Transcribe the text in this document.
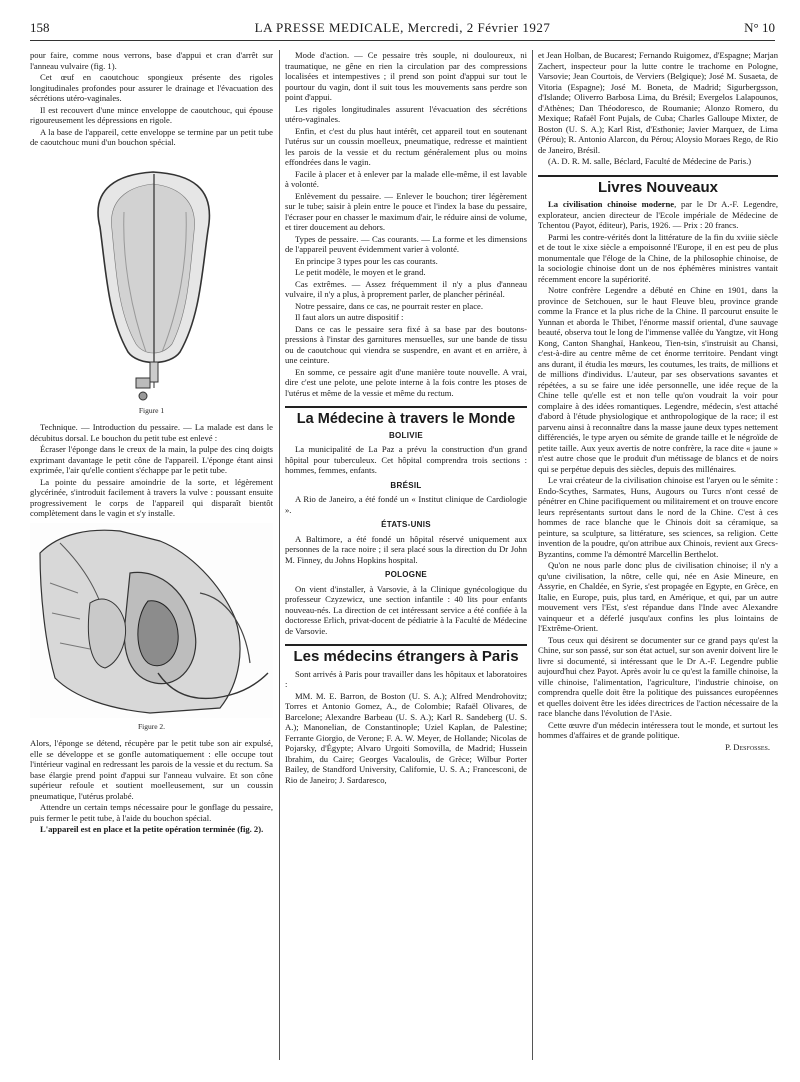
158	LA PRESSE MEDICALE, Mercredi, 2 Février 1927	N° 10

pour faire, comme nous verrons, base d'appui et cran d'arrêt sur l'anneau vulvaire (fig. 1).

Cet œuf en caoutchouc spongieux présente des rigoles longitudinales profondes pour assurer le drainage et l'évacuation des sécrétions utéro-vaginales.

Il est recouvert d'une mince enveloppe de caoutchouc, qui épouse rigoureusement les dépressions en rigole.

A la base de l'appareil, cette enveloppe se termine par un petit tube de caoutchouc muni d'un bouchon spécial.

Figure 1

Technique. — Introduction du pessaire. — La malade est dans le décubitus dorsal. Le bouchon du petit tube est enlevé :

Écraser l'éponge dans le creux de la main, la pulpe des cinq doigts exprimant davantage le petit cône de l'appareil. L'éponge étant ainsi exprimée, l'air qu'elle contient s'échappe par le petit tube.

La pointe du pessaire amoindrie de la sorte, et légèrement glycérinée, s'introduit facilement à travers la vulve : poussant ensuite progressivement le corps de l'appareil qui disparaît bientôt complètement dans le vagin et s'y installe.

Figure 2.

Alors, l'éponge se détend, récupère par le petit tube son air expulsé, elle se développe et se gonfle automatiquement : elle occupe tout l'intérieur vaginal en redressant les parois de la vessie et du rectum. Sa base élargie prend point d'appui sur l'anneau vulvaire. Et son cône supérieur refoule et soutient moelleusement, sur un coussin pneumatique, l'utérus prolabé.

Attendre un certain temps nécessaire pour le gonflage du pessaire, puis fermer le petit tube, à l'aide du bouchon spécial.

L'appareil est en place et la petite opération terminée (fig. 2).

Mode d'action. — Ce pessaire très souple, ni douloureux, ni traumatique, ne gêne en rien la circulation par des compressions localisées et intempestives ; il prend son point d'appui sur tout le pourtour du vagin, dont il suit tous les mouvements sans perdre son point d'appui.

Les rigoles longitudinales assurent l'évacuation des sécrétions utéro-vaginales.

Enfin, et c'est du plus haut intérêt, cet appareil tout en soutenant l'utérus sur un coussin moelleux, pneumatique, redresse et maintient les parois de la vessie et du rectum généralement plus ou moins effondrées dans le vagin.

Facile à placer et à enlever par la malade elle-même, il est lavable à volonté.

Enlèvement du pessaire. — Enlever le bouchon; tirer légèrement sur le tube; saisir à plein entre le pouce et l'index la base du pessaire, l'écraser pour en chasser le maximum d'air, le réduire ainsi de volume, et tirer doucement au dehors.

Types de pessaire. — Cas courants. — La forme et les dimensions de l'appareil peuvent évidemment varier à volonté.

En principe 3 types pour les cas courants.

Le petit modèle, le moyen et le grand.

Cas extrêmes. — Assez fréquemment il n'y a plus d'anneau vulvaire, il n'y a plus, à proprement parler, de plancher périnéal.

Notre pessaire, dans ce cas, ne pourrait rester en place.

Il faut alors un autre dispositif :

Dans ce cas le pessaire sera fixé à sa base par des boutons-pressions à l'instar des garnitures mensuelles, sur une bande de tissu ou de caoutchouc qui viendra se suspendre, en avant et en arrière, à une ceinture.

En somme, ce pessaire agit d'une manière toute nouvelle. A vrai, dire c'est une pelote, une pelote interne à la fois contre les ptoses de l'utérus et même de la vessie et même du rectum.

La Médecine à travers le Monde
BOLIVIE

La municipalité de La Paz a prévu la construction d'un grand hôpital pour tuberculeux. Cet hôpital comprendra trois sections : hommes, femmes, enfants.

BRÉSIL

A Rio de Janeiro, a été fondé un « Institut clinique de Cardiologie ».

ÉTATS-UNIS

A Baltimore, a été fondé un hôpital réservé uniquement aux personnes de la race noire ; il sera placé sous la direction du Dr John M. Finney, du Johns Hopkins hospital.

POLOGNE

On vient d'installer, à Varsovie, à la Clinique gynécologique du professeur Czyzewicz, une section infantile : 40 lits pour enfants nouveau-nés. La direction de cet intéressant service a été confiée à la doctoresse Erlich, privat-docent de pédiatrie à la Faculté de Médecine de Varsovie.

Les médecins étrangers à Paris

Sont arrivés à Paris pour travailler dans les hôpitaux et laboratoires :

MM. M. E. Barron, de Boston (U. S. A.); Alfred Mendrohovitz; Torres et Antonio Gomez, A., de Colombie; Rafaël Olivares, de Barcelone; Alexandre Barbeau (U. S. A.); Karl R. Sandeberg (U. S. A.); Manonelian, de Constantinople; Uziel Kaplan, de Palestine; Ferrante Giorgio, de Verone; F. A. W. Meyer, de Hollande; Nicolas de Pojarsky, d'Égypte; Alvaro Urgoiti Somovilla, de Madrid; Hussein Ibrahim, du Caire; Georges Vacaloulis, de Grèce; Wilbur Porter Bailey, de Standford University, Californie, U. S. A.; Francesconi, de Rio de Janeiro; J. Sardaresco,

et Jean Holban, de Bucarest; Fernando Ruigomez, d'Espagne; Marjan Zachert, inspecteur pour la lutte contre le trachome en Pologne, Varsovie; Jean Courtois, de Verviers (Belgique); José M. Susaeta, de Vitoria (Espagne); José M. Boneta, de Madrid; Sigurbergsson, d'Islande; Oliverro Barbosa Lima, du Brésil; Evergelos Lalapounos, d'Athènes; Dan Théodoresco, de Roumanie; Alonzo Romero, du Mexique; Rafaël Font Pujals, de Cuba; Charles Galloupe Mixter, de Boston (U. S. A.); Karl Rist, d'Esthonie; Javier Marquez, de Lima (Pérou); R. Antonio Alarcon, du Pérou; Aloysio Moraes Rego, de Rio de Janeiro, Brésil.

(A. D. R. M. salle, Béclard, Faculté de Médecine de Paris.)

Livres Nouveaux

La civilisation chinoise moderne, par le Dr A.-F. Legendre, explorateur, ancien directeur de l'Ecole impériale de Médecine de Tchentou (Payot, éditeur), Paris, 1926. — Prix : 20 francs.

Parmi les contre-vérités dont la littérature de la fin du xviiie siècle et de tout le xixe siècle a empoisonné l'Europe, il en est peu de plus monumentale que l'éloge de la Chine, de la philosophie chinoise, de la sociologie chinoise dont un de nos éphémères ministres vantait récemment encore la supériorité.

Notre confrère Legendre a débuté en Chine en 1901, dans la province de Setchouen, sur le haut Fleuve bleu, province grande comme la France et la plus riche de la Chine. Il parcourut ensuite le Yunnan et aborda le Thibet, l'énorme massif oriental, d'une sauvage beauté, observa tout le long de l'immense vallée du Yangtze, vit Hong Kong, Canton Shanghaï, Hankeou, Tien-tsin, s'instruisit au Chansi, c'est-à-dire au centre même de cet énorme territoire. Pendant vingt ans durant, il étudia les mœurs, les coutumes, les traits, de millions et de millions d'individus. L'auteur, par ses observations savantes et répétées, a su se faire une idée personnelle, une idée reçue de la Chine telle qu'elle est et non telle qu'on voudrait la voir pour complaire à des idées romantiques. Legendre, médecin, s'est attaché d'abord à l'étude physiologique et anthropologique de la race; il est parvenu ainsi à reconnaître dans la masse jaune deux types nettement différenciés, le type aryen ou sémite de grande taille et le négroïde de petite taille. Aux yeux avertis de notre confrère, la race dite « jaune » n'est autre chose que le produit d'un métissage de blancs et de noirs qui se perpétue depuis des siècles, depuis des millénaires.

Le vrai créateur de la civilisation chinoise est l'aryen ou le sémite : Endo-Scythes, Sarmates, Huns, Augours ou Turcs n'ont cessé de pénétrer en Chine pacifiquement ou militairement et on trouve encore leurs représentants surtout dans le nord de la Chine. C'est à ces hommes de race blanche que le Chinois doit sa céramique, sa peinture, sa sculpture, sa littérature, ses sciences, sa religion. Cette invention de la poudre, qu'on attribue aux Chinois, revient aux Grecs-Byzantins, comme l'a démontré Marcellin Berthelot.

Qu'on ne nous parle donc plus de civilisation chinoise; il n'y a qu'une civilisation, la nôtre, celle qui, née en Asie Mineure, en Assyrie, en Chaldée, en Syrie, s'est propagée en Egypte, en Grèce, en Italie, en Europe, puis, plus tard, en Amérique, et qui, par un autre mouvement vers l'Est, s'est répandue dans l'Inde avec Alexandre vainqueur et a déferlé jusqu'aux confins les plus lointains de l'Extrême-Orient.

Tous ceux qui désirent se documenter sur ce grand pays qu'est la Chine, sur son passé, sur son état actuel, sur son avenir doivent lire le livre si documenté, si intéressant que le Dr A.-F. Legendre publie aujourd'hui chez Payot. Après avoir lu ce qu'est la famille chinoise, la ville chinoise, l'alimentation, l'agriculture, l'industrie chinoise, on comprendra quelle doit être la politique des puissances européennes et quelles doivent être les idées directrices de l'action nécessaire de la race blanche dans l'évolution de l'Asie.

Cette œuvre d'un médecin intéressera tout le monde, et surtout les hommes d'affaires et de grande politique.

P. Desfosses.
